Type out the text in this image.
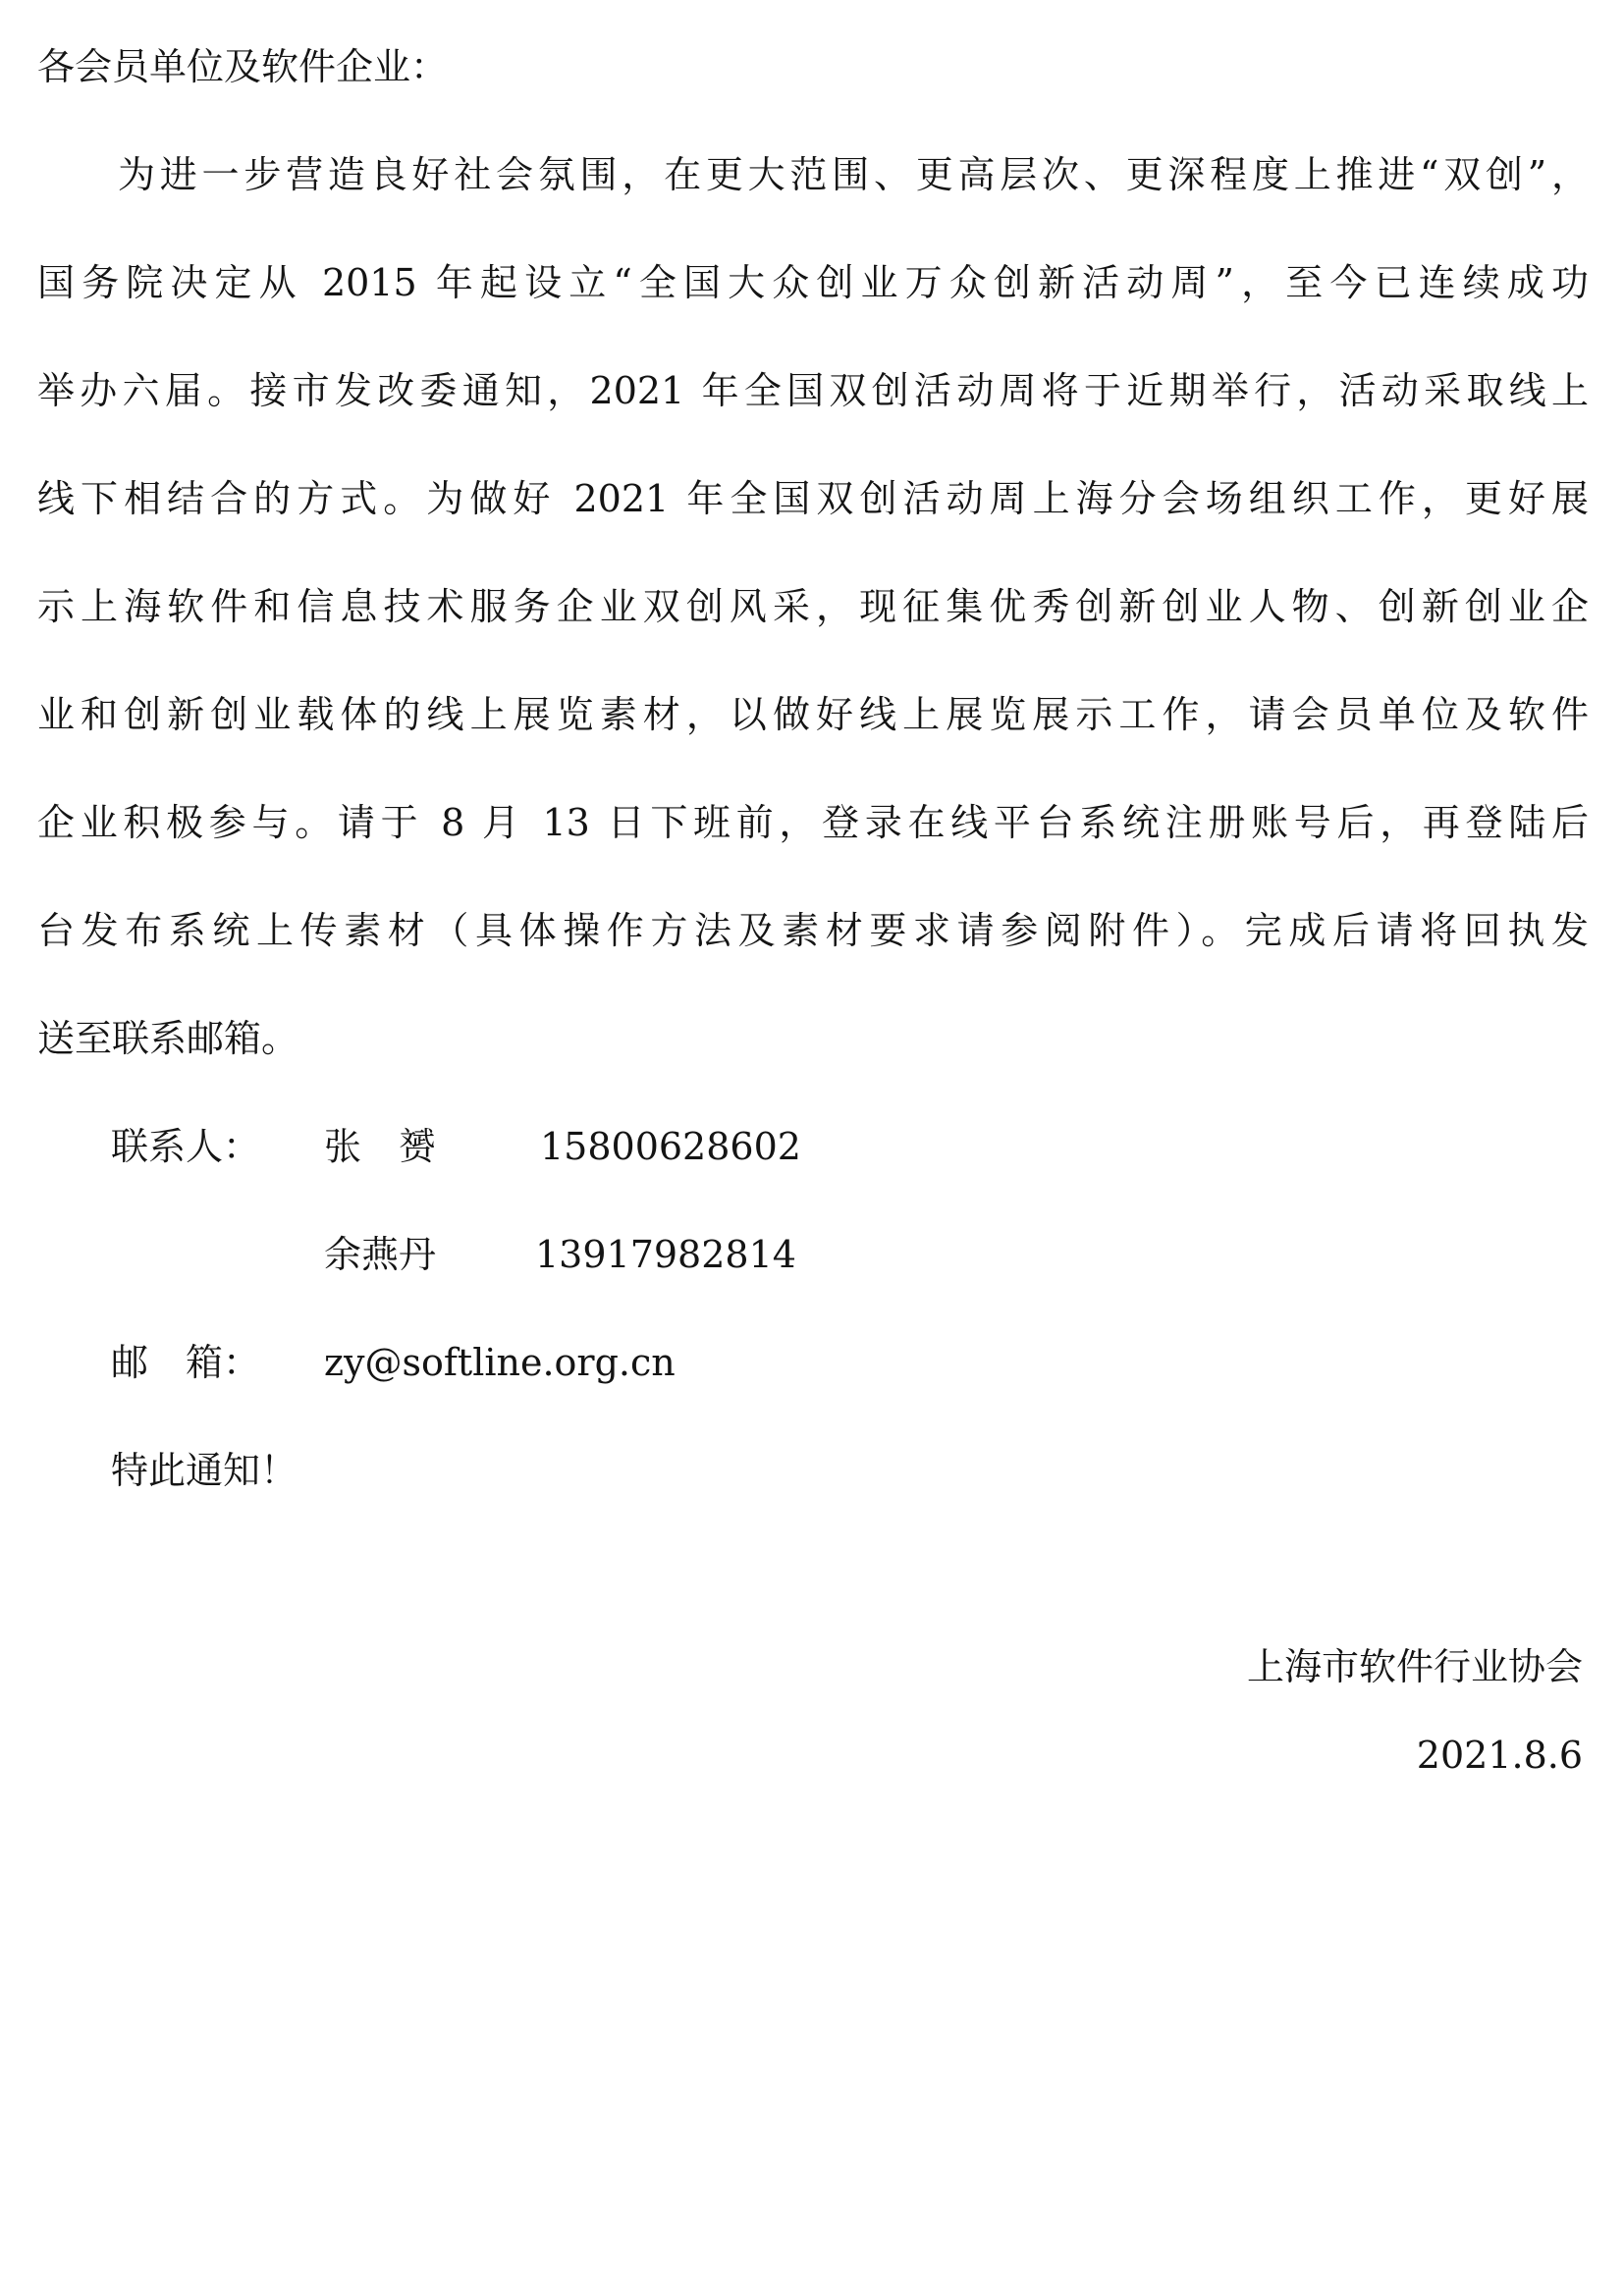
各会员单位及软件企业：
为进一步营造良好社会氛围，在更大范围、更高层次、更深程度上推进“双创”，
国务院决定从 2015 年起设立“全国大众创业万众创新活动周”，至今已连续成功
举办六届。接市发改委通知，2021 年全国双创活动周将于近期举行，活动采取线上
线下相结合的方式。为做好 2021 年全国双创活动周上海分会场组织工作，更好展
示上海软件和信息技术服务企业双创风采，现征集优秀创新创业人物、创新创业企
业和创新创业载体的线上展览素材，以做好线上展览展示工作，请会员单位及软件
企业积极参与。请于 8 月 13 日下班前，登录在线平台系统注册账号后，再登陆后
台发布系统上传素材（具体操作方法及素材要求请参阅附件）。完成后请将回执发
送至联系邮箱。
联系人： 张　赟	15800628602
余燕丹	13917982814
邮　箱： zy@softline.org.cn
特此通知！
上海市软件行业协会
2021.8.6
